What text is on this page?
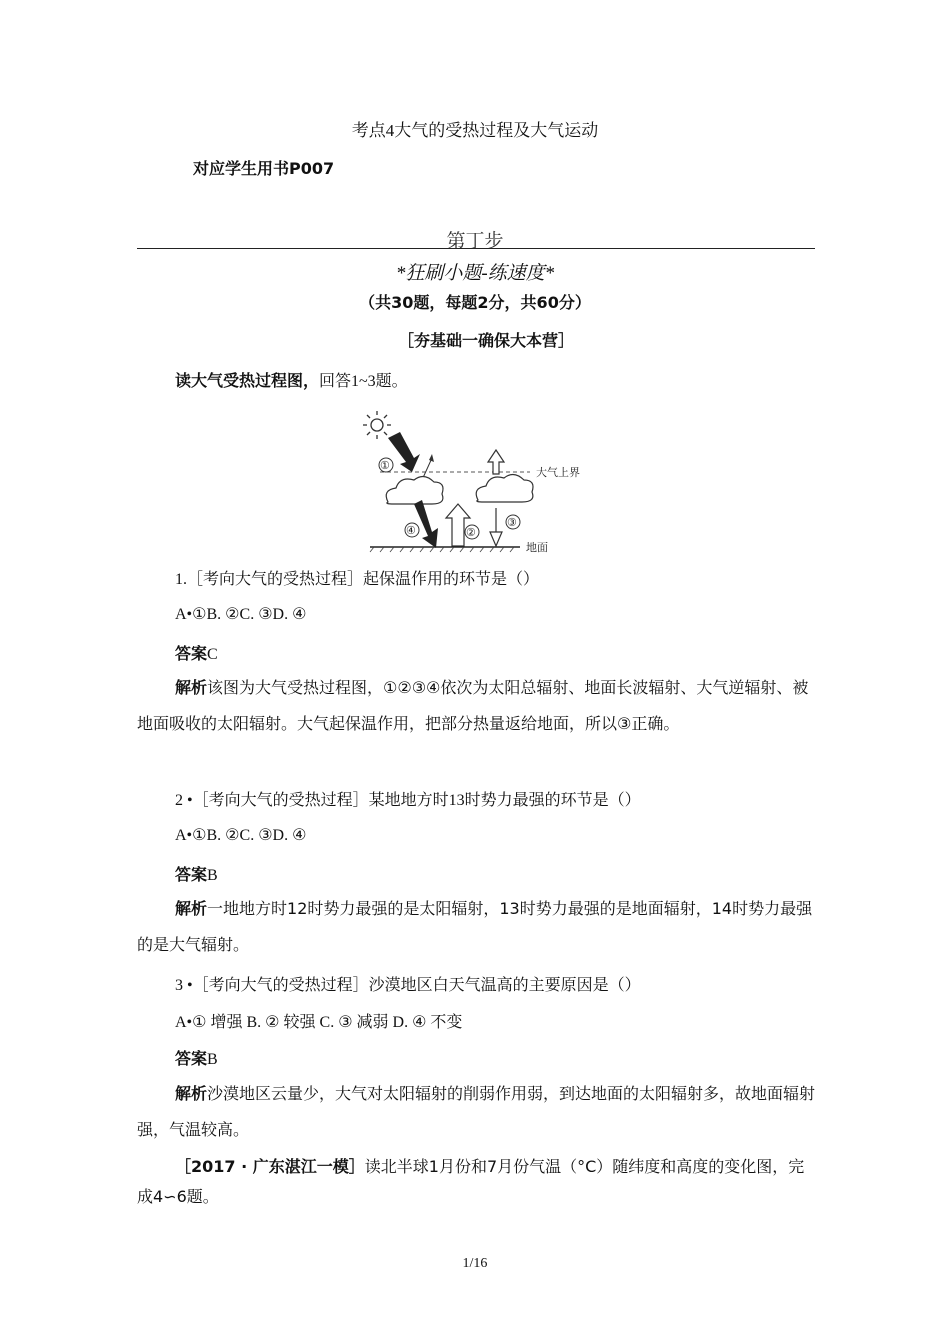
考点4大气的受热过程及大气运动
对应学生用书P007
第丁步
*狂刷小题-练速度*
（共30题，每题2分，共60分）
［夯基础一确保大本营］
读大气受热过程图，回答1~3题。
大气上界
①
④	②
③
地面
1.［考向大气的受热过程］起保温作用的环节是（）
A•①B. ②C. ③D. ④
答案C
解析该图为大气受热过程图，①②③④依次为太阳总辐射、地面长波辐射、大气逆辐射、被地面吸收的太阳辐射。大气起保温作用，把部分热量返给地面，所以③正确。
2 •［考向大气的受热过程］某地地方时13时势力最强的环节是（）
A•①B. ②C. ③D. ④
答案B
解析一地地方时12时势力最强的是太阳辐射，13时势力最强的是地面辐射，14时势力最强的是大气辐射。
3 •［考向大气的受热过程］沙漠地区白天气温高的主要原因是（）
A•① 增强 B. ② 较强 C. ③ 减弱 D. ④ 不变
答案B
解析沙漠地区云量少，大气对太阳辐射的削弱作用弱，到达地面的太阳辐射多，故地面辐射强，气温较高。
［2017 · 广东湛江一模］读北半球1月份和7月份气温（°C）随纬度和高度的变化图，完成4∽6题。
1/16
